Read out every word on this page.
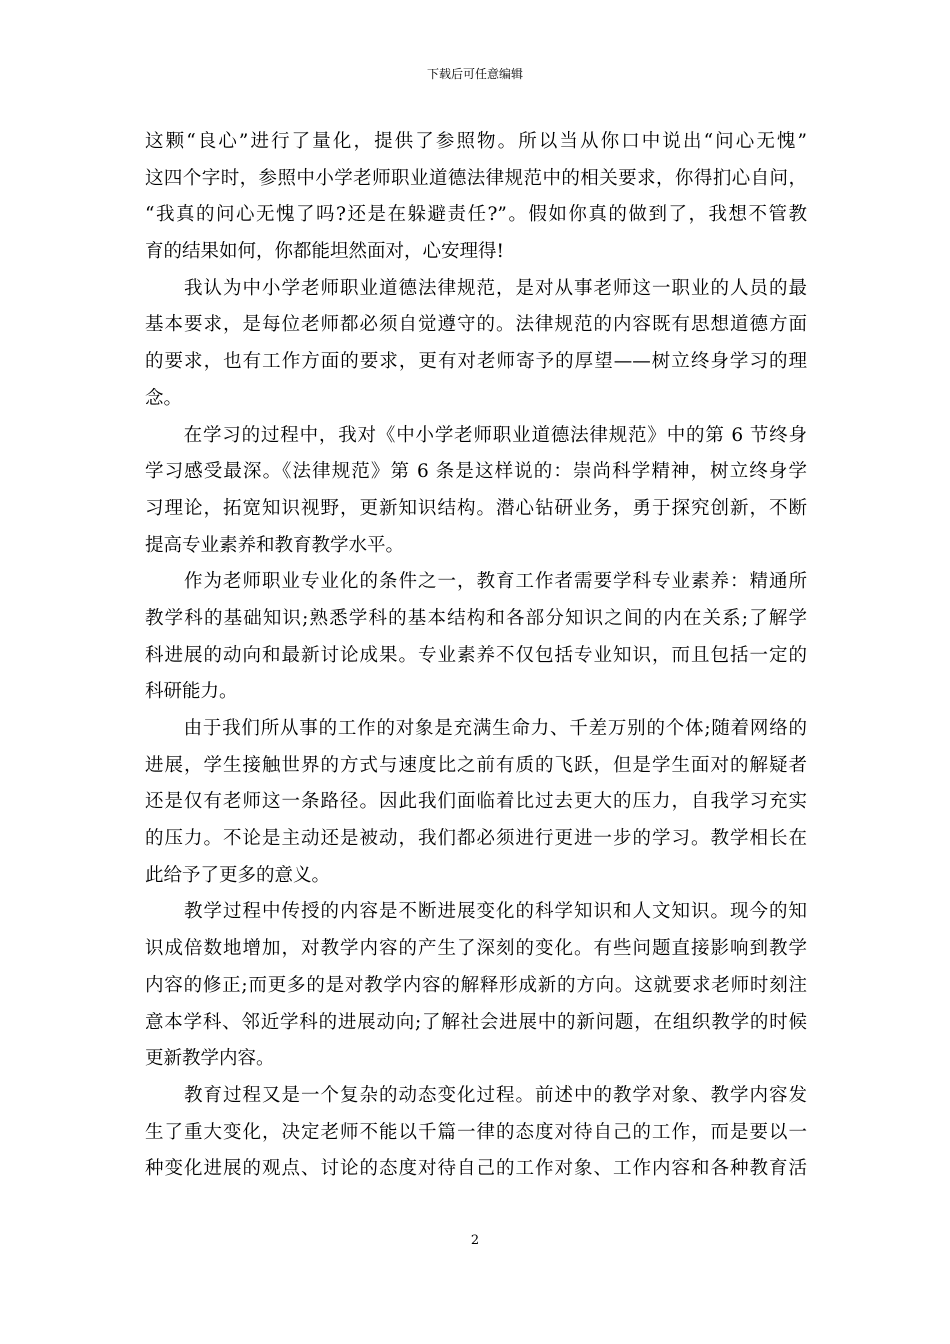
下载后可任意编辑
这颗“良心”进行了量化，提供了参照物。所以当从你口中说出“问心无愧”
这四个字时，参照中小学老师职业道德法律规范中的相关要求，你得扪心自问，
“我真的问心无愧了吗?还是在躲避责任?”。假如你真的做到了，我想不管教
育的结果如何，你都能坦然面对，心安理得!
　　我认为中小学老师职业道德法律规范，是对从事老师这一职业的人员的最
基本要求，是每位老师都必须自觉遵守的。法律规范的内容既有思想道德方面
的要求，也有工作方面的要求，更有对老师寄予的厚望——树立终身学习的理
念。
　　在学习的过程中，我对《中小学老师职业道德法律规范》中的第 6 节终身
学习感受最深。《法律规范》第 6 条是这样说的：崇尚科学精神，树立终身学
习理论，拓宽知识视野，更新知识结构。潜心钻研业务，勇于探究创新，不断
提高专业素养和教育教学水平。
　　作为老师职业专业化的条件之一，教育工作者需要学科专业素养：精通所
教学科的基础知识;熟悉学科的基本结构和各部分知识之间的内在关系;了解学
科进展的动向和最新讨论成果。专业素养不仅包括专业知识，而且包括一定的
科研能力。
　　由于我们所从事的工作的对象是充满生命力、千差万别的个体;随着网络的
进展，学生接触世界的方式与速度比之前有质的飞跃，但是学生面对的解疑者
还是仅有老师这一条路径。因此我们面临着比过去更大的压力，自我学习充实
的压力。不论是主动还是被动，我们都必须进行更进一步的学习。教学相长在
此给予了更多的意义。
　　教学过程中传授的内容是不断进展变化的科学知识和人文知识。现今的知
识成倍数地增加，对教学内容的产生了深刻的变化。有些问题直接影响到教学
内容的修正;而更多的是对教学内容的解释形成新的方向。这就要求老师时刻注
意本学科、邻近学科的进展动向;了解社会进展中的新问题，在组织教学的时候
更新教学内容。
　　教育过程又是一个复杂的动态变化过程。前述中的教学对象、教学内容发
生了重大变化，决定老师不能以千篇一律的态度对待自己的工作，而是要以一
种变化进展的观点、讨论的态度对待自己的工作对象、工作内容和各种教育活
2
